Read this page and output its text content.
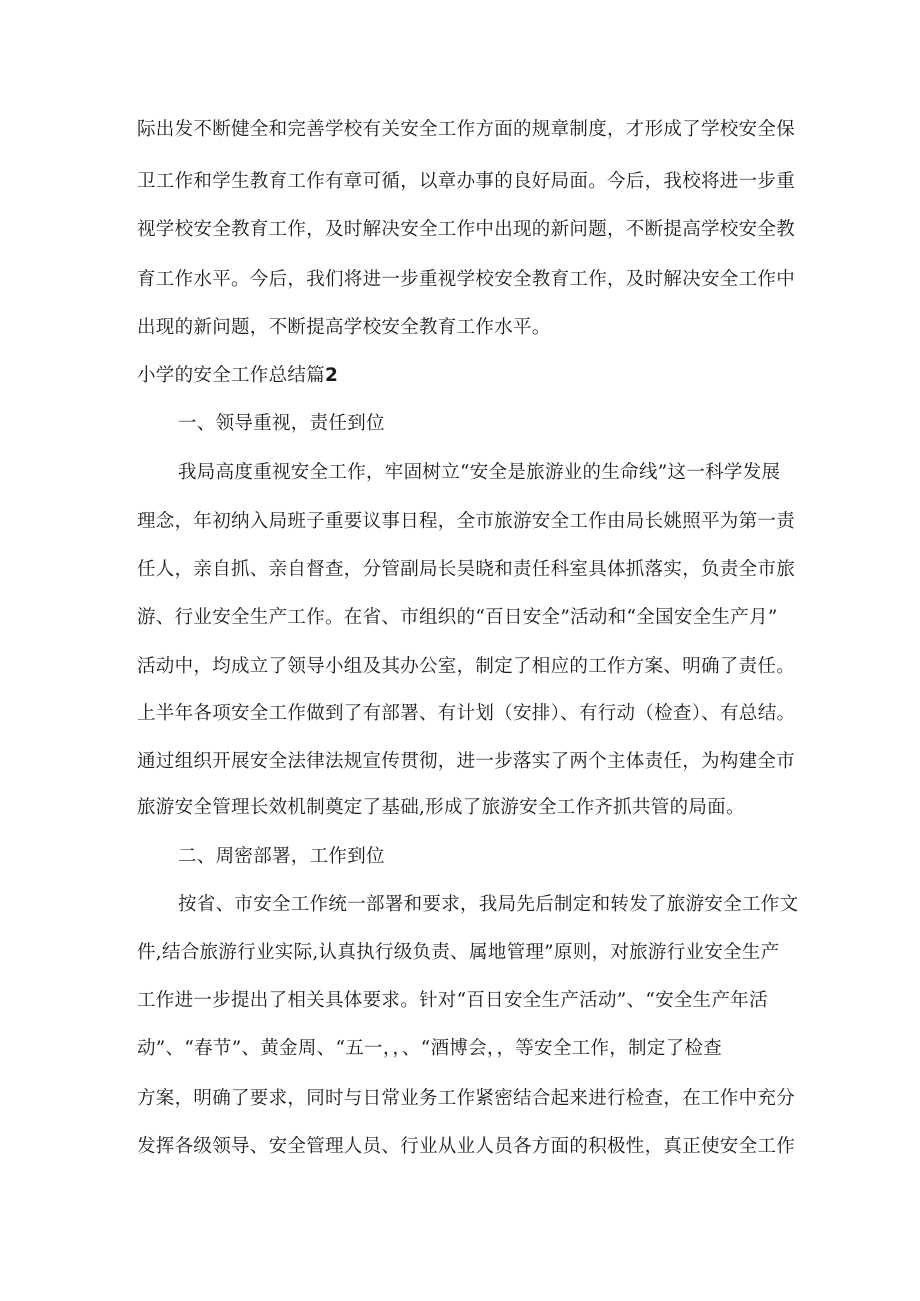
际出发不断健全和完善学校有关安全工作方面的规章制度，才形成了学校安全保
卫工作和学生教育工作有章可循，以章办事的良好局面。今后，我校将进一步重
视学校安全教育工作，及时解决安全工作中出现的新问题，不断提高学校安全教
育工作水平。今后，我们将进一步重视学校安全教育工作，及时解决安全工作中
出现的新问题，不断提高学校安全教育工作水平。
小学的安全工作总结篇2
一、领导重视，责任到位
我局高度重视安全工作，牢固树立“安全是旅游业的生命线”这一科学发展
理念，年初纳入局班子重要议事日程，全市旅游安全工作由局长姚照平为第一责
任人，亲自抓、亲自督查，分管副局长吴晓和责任科室具体抓落实，负责全市旅
游、行业安全生产工作。在省、市组织的“百日安全”活动和“全国安全生产月”
活动中，均成立了领导小组及其办公室，制定了相应的工作方案、明确了责任。
上半年各项安全工作做到了有部署、有计划（安排）、有行动（检查）、有总结。
通过组织开展安全法律法规宣传贯彻，进一步落实了两个主体责任，为构建全市
旅游安全管理长效机制奠定了基础,形成了旅游安全工作齐抓共管的局面。
二、周密部署，工作到位
按省、市安全工作统一部署和要求，我局先后制定和转发了旅游安全工作文
件,结合旅游行业实际,认真执行级负责、属地管理”原则，对旅游行业安全生产
工作进一步提出了相关具体要求。针对“百日安全生产活动”、“安全生产年活
动”、“春节”、黄金周、“五一，，、“酒博会，，等安全工作，制定了检查
方案，明确了要求，同时与日常业务工作紧密结合起来进行检查，在工作中充分
发挥各级领导、安全管理人员、行业从业人员各方面的积极性，真正使安全工作
